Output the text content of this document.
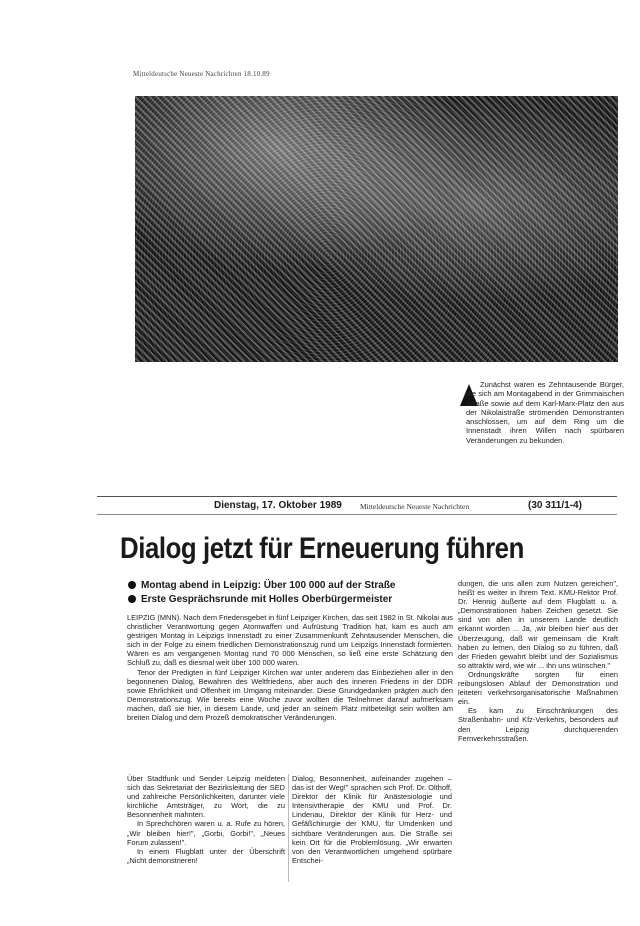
Mitteldeutsche Neueste Nachrichten 18.10.89
Zunächst waren es Zehntausende Bürger, die sich am Montagabend in der Grimmaischen Straße sowie auf dem Karl-Marx-Platz den aus der Nikolaistraße strömenden Demonstranten anschlossen, um auf dem Ring um die Innenstadt ihren Willen nach spürbaren Veränderungen zu bekunden.
Dienstag, 17. Oktober 1989 Mitteldeutsche Neueste Nachrichten	(30 311/1-4)
Dialog jetzt für Erneuerung führen
Montag abend in Leipzig: Über 100 000 auf der Straße
Erste Gesprächsrunde mit Holles Oberbürgermeister

LEIPZIG (MNN). Nach dem Friedensgebet in fünf Leipziger Kirchen, das seit 1982 in St. Nikolai aus christlicher Verantwortung gegen Atomwaffen und Aufrüstung Tradition hat, kam es auch am gestrigen Montag in Leipzigs Innenstadt zu einer Zusammenkunft Zehntausender Menschen, die sich in der Folge zu einem friedlichen Demonstrationszug rund um Leipzigs Innenstadt formierten. Wären es am vergangenen Montag rund 70 000 Menschen, so ließ eine erste Schätzung den Schluß zu, daß es diesmal weit über 100 000 waren.

Tenor der Predigten in fünf Leipziger Kirchen war unter anderem das Einbeziehen aller in den begonnenen Dialog, Bewahren des Weltfriedens, aber auch des inneren Friedens in der DDR sowie Ehrlichkeit und Offenheit im Umgang miteinander. Diese Grundgedanken prägten auch den Demonstrationszug. Wie bereits eine Woche zuvor wollten die Teilnehmer darauf aufmerksam machen, daß sie hier, in diesem Lande, und jeder an seinem Platz mitbeteiligt sein wollten am breiten Dialog und dem Prozeß demokratischer Veränderungen.

Über Stadtfunk und Sender Leipzig meldeten sich das Sekretariat der Bezirksleitung der SED und zahlreiche Persönlichkeiten, darunter viele kirchliche Amtsträger, zu Wort, die zu Besonnenheit mahnten.

In Sprechchören waren u. a. Rufe zu hören, „Wir bleiben hier!", „Gorbi, Gorbi!", „Neues Forum zulassen!".

In einem Flugblatt unter der Überschrift „Nicht demonstrieren!

Dialog, Besonnenheit, aufeinander zugehen – das ist der Weg!" sprachen sich Prof. Dr. Olthoff, Direktor der Klinik für Anästesiologie und Intensivtherapie der KMU und Prof. Dr. Lindenau, Direktor der Klinik für Herz- und Gefäßchirurgie der KMU, für Umdenken und sichtbare Veränderungen aus. Die Straße sei kein Ort für die Problemlösung. „Wir erwarten von den Verantwortlichen umgehend spürbare Entschei-

dungen, die uns allen zum Nutzen gereichen", heißt es weiter in Ihrem Text. KMU-Rektor Prof. Dr. Hennig äußerte auf dem Flugblatt u. a. „Demonstrationen haben Zeichen gesetzt. Sie sind von allen in unserem Lande deutlich erkannt worden ... Ja, ‚wir bleiben hier' aus der Überzeugung, daß wir gemeinsam die Kraft haben zu lernen, den Dialog so zu führen, daß der Frieden gewahrt bleibt und der Sozialismus so attraktiv wird, wie wir ... ihn uns wünschen."

Ordnungskräfte sorgten für einen reibungslosen Ablauf der Demonstration und leiteten verkehrsorganisatorische Maßnahmen ein.

Es kam zu Einschränkungen des Straßenbahn- und Kfz-Verkehrs, besonders auf den Leipzig durchquerenden Fernverkehrsstraßen.
